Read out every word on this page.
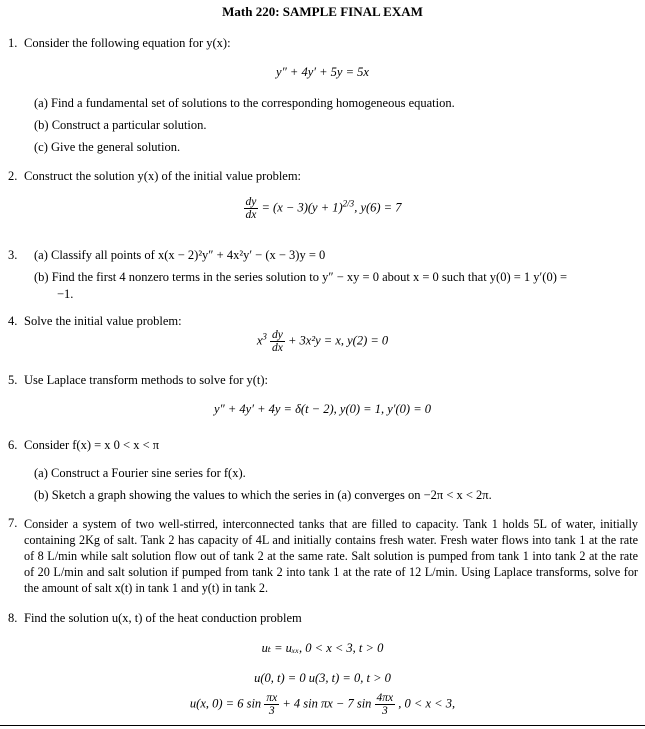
Math 220: SAMPLE FINAL EXAM
1. Consider the following equation for y(x):
y″ + 4y′ + 5y = 5x
(a) Find a fundamental set of solutions to the corresponding homogeneous equation.
(b) Construct a particular solution.
(c) Give the general solution.
2. Construct the solution y(x) of the initial value problem:
$\frac{dy}{dx} = (x - 3)(y + 1)^{2/3}$, y(6) = 7
3. (a) Classify all points of x(x − 2)²y″ + 4x²y′ − (x − 3)y = 0
(b) Find the first 4 nonzero terms in the series solution to y″ − xy = 0 about x = 0 such that y(0) = 1 y′(0) =
−1.
4. Solve the initial value problem:
$x^3 \frac{dy}{dx} + 3x^2y = x$, y(2) = 0
5. Use Laplace transform methods to solve for y(t):
y″ + 4y′ + 4y = δ(t − 2), y(0) = 1, y′(0) = 0
6. Consider f(x) = x 0 < x < π
(a) Construct a Fourier sine series for f(x).
(b) Sketch a graph showing the values to which the series in (a) converges on −2π < x < 2π.
7. Consider a system of two well-stirred, interconnected tanks that are filled to capacity. Tank 1 holds 5L of water, initially containing 2Kg of salt. Tank 2 has capacity of 4L and initially contains fresh water. Fresh water flows into tank 1 at the rate of 8 L/min while salt solution flow out of tank 2 at the same rate. Salt solution is pumped from tank 1 into tank 2 at the rate of 20 L/min and salt solution if pumped from tank 2 into tank 1 at the rate of 12 L/min. Using Laplace transforms, solve for the amount of salt x(t) in tank 1 and y(t) in tank 2.
8. Find the solution u(x, t) of the heat conduction problem
uₜ = uₓₓ, 0 < x < 3, t > 0
u(0, t) = 0 u(3, t) = 0, t > 0
u(x, 0) = 6 $\sin \frac{\pi x}{3} + 4$ sin πx − 7 $\sin \frac{4\pi x}{3}$ , 0 < x < 3,
